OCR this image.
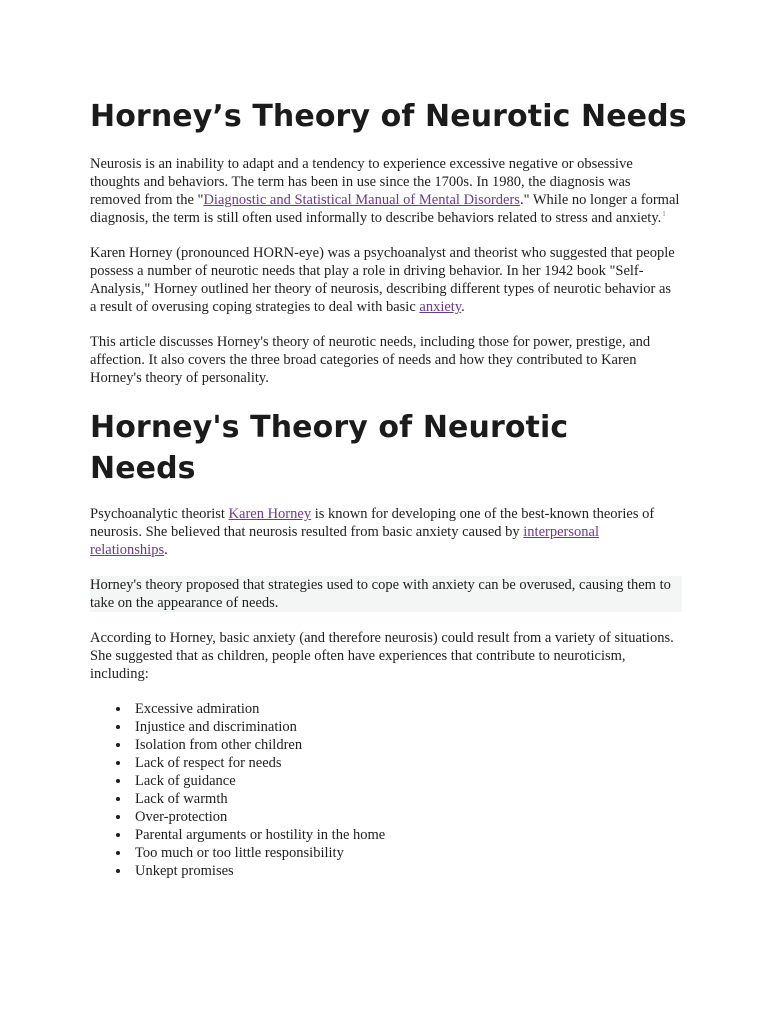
Horney’s Theory of Neurotic Needs

Neurosis is an inability to adapt and a tendency to experience excessive negative or obsessive thoughts and behaviors. The term has been in use since the 1700s. In 1980, the diagnosis was removed from the "Diagnostic and Statistical Manual of Mental Disorders." While no longer a formal diagnosis, the term is still often used informally to describe behaviors related to stress and anxiety.$^1$

Karen Horney (pronounced HORN-eye) was a psychoanalyst and theorist who suggested that people possess a number of neurotic needs that play a role in driving behavior. In her 1942 book "Self-Analysis," Horney outlined her theory of neurosis, describing different types of neurotic behavior as a result of overusing coping strategies to deal with basic anxiety.

This article discusses Horney's theory of neurotic needs, including those for power, prestige, and affection. It also covers the three broad categories of needs and how they contributed to Karen Horney's theory of personality.

Horney's Theory of Neurotic Needs

Psychoanalytic theorist Karen Horney is known for developing one of the best-known theories of neurosis. She believed that neurosis resulted from basic anxiety caused by interpersonal relationships.

Horney's theory proposed that strategies used to cope with anxiety can be overused, causing them to take on the appearance of needs.

According to Horney, basic anxiety (and therefore neurosis) could result from a variety of situations. She suggested that as children, people often have experiences that contribute to neuroticism, including:

Excessive admiration
Injustice and discrimination
Isolation from other children
Lack of respect for needs
Lack of guidance
Lack of warmth
Over-protection
Parental arguments or hostility in the home
Too much or too little responsibility
Unkept promises
